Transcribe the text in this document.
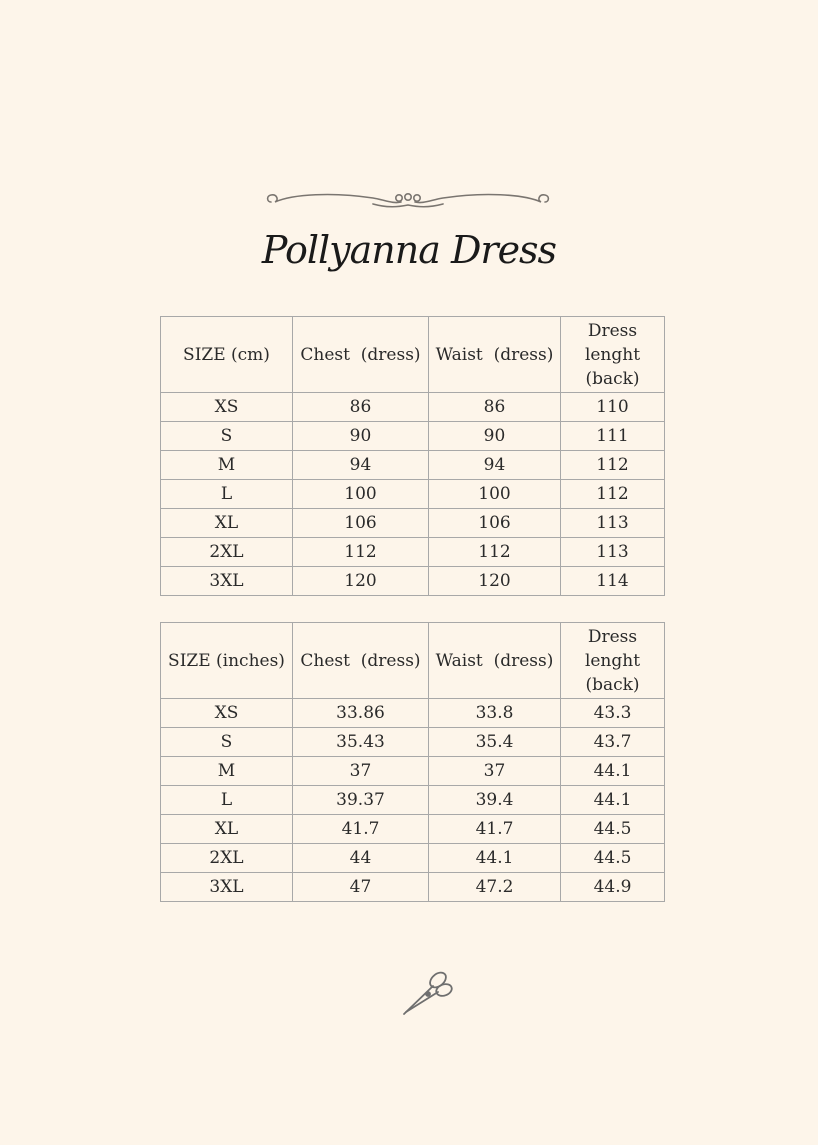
Pollyanna Dress
SIZE (cm)	Chest  (dress)	Waist  (dress)	Dress lenght (back)
XS	86	86	110
S	90	90	111
M	94	94	112
L	100	100	112
XL	106	106	113
2XL	112	112	113
3XL	120	120	114
SIZE (inches)	Chest  (dress)	Waist  (dress)	Dress lenght (back)
XS	33.86	33.8	43.3
S	35.43	35.4	43.7
M	37	37	44.1
L	39.37	39.4	44.1
XL	41.7	41.7	44.5
2XL	44	44.1	44.5
3XL	47	47.2	44.9
